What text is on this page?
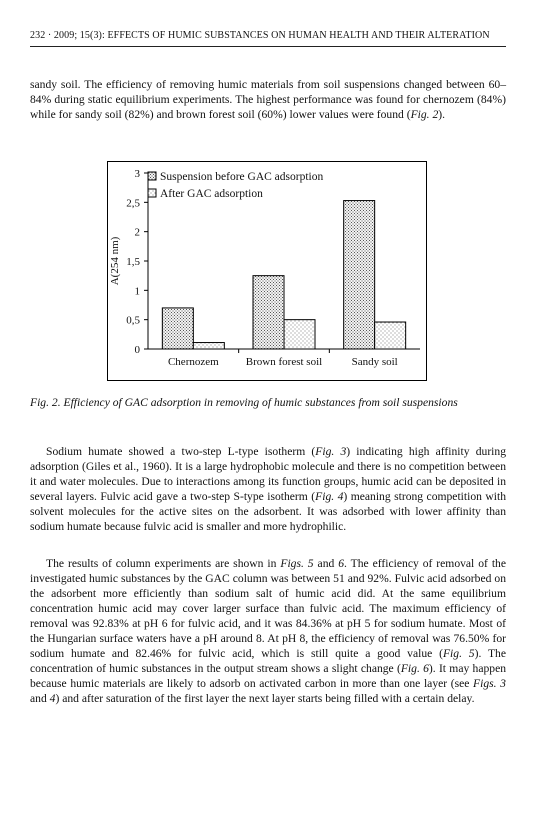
232 · 2009; 15(3): EFFECTS OF HUMIC SUBSTANCES ON HUMAN HEALTH AND THEIR ALTERATION

sandy soil. The efficiency of removing humic materials from soil suspensions changed between 60–84% during static equilibrium experiments. The highest performance was found for chernozem (84%) while for sandy soil (82%) and brown forest soil (60%) lower values were found (Fig. 2).

0
0,5
1
1,5
2
2,5
3
A(254 nm)
Chernozem Brown forest soil	Sandy soil
Suspension before GAC adsorption
After GAC adsorption

Fig. 2. Efficiency of GAC adsorption in removing of humic substances from soil suspensions

Sodium humate showed a two-step L-type isotherm (Fig. 3) indicating high affinity during adsorption (Giles et al., 1960). It is a large hydrophobic molecule and there is no competition between it and water molecules. Due to interactions among its function groups, humic acid can be deposited in several layers. Fulvic acid gave a two-step S-type isotherm (Fig. 4) meaning strong competition with solvent molecules for the active sites on the adsorbent. It was adsorbed with lower affinity than sodium humate because fulvic acid is smaller and more hydrophilic.

The results of column experiments are shown in Figs. 5 and 6. The efficiency of removal of the investigated humic substances by the GAC column was between 51 and 92%. Fulvic acid adsorbed on the adsorbent more efficiently than sodium salt of humic acid did. At the same equilibrium concentration humic acid may cover larger surface than fulvic acid. The maximum efficiency of removal was 92.83% at pH 6 for fulvic acid, and it was 84.36% at pH 5 for sodium humate. Most of the Hungarian surface waters have a pH around 8. At pH 8, the efficiency of removal was 76.50% for sodium humate and 82.46% for fulvic acid, which is still quite a good value (Fig. 5). The concentration of humic substances in the output stream shows a slight change (Fig. 6). It may happen because humic materials are likely to adsorb on activated carbon in more than one layer (see Figs. 3 and 4) and after saturation of the first layer the next layer starts being filled with a certain delay.
